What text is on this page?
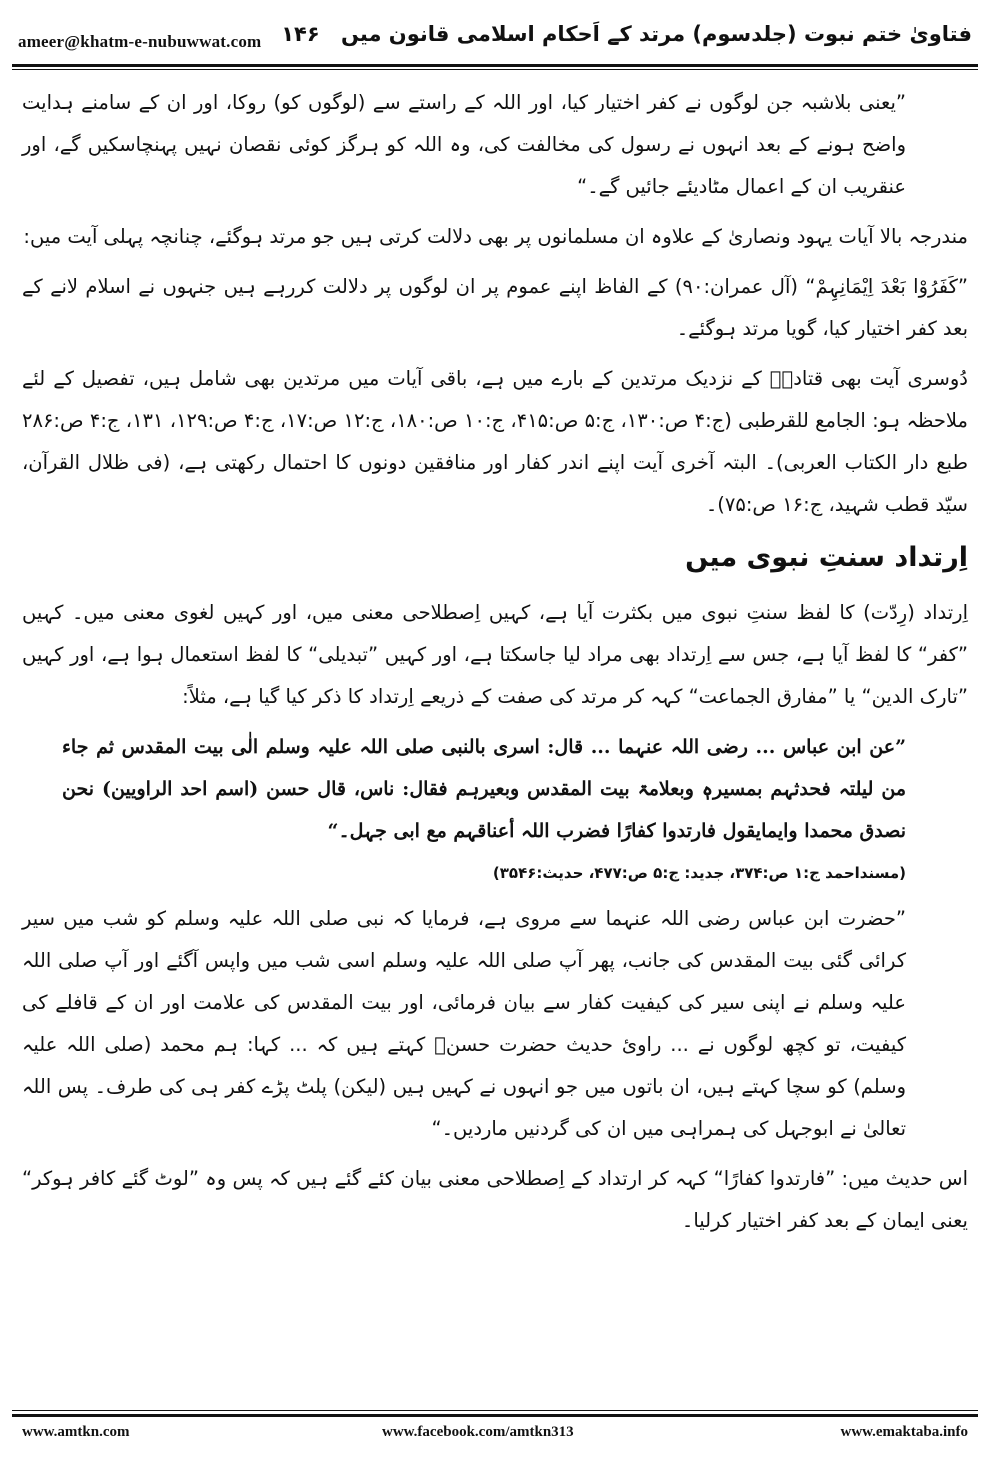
ameer@khatm-e-nubuwwat.com	فتاویٰ ختم نبوت (جلدسوم) مرتد کے اَحکام اسلامی قانون میں ۱۴۶

”یعنی بلاشبہ جن لوگوں نے کفر اختیار کیا، اور اللہ کے راستے سے (لوگوں کو) روکا، اور ان کے سامنے ہدایت واضح ہونے کے بعد انہوں نے رسول کی مخالفت کی، وہ اللہ کو ہرگز کوئی نقصان نہیں پہنچاسکیں گے، اور عنقریب ان کے اعمال مٹادیئے جائیں گے۔“

مندرجہ بالا آیات یہود ونصاریٰ کے علاوہ ان مسلمانوں پر بھی دلالت کرتی ہیں جو مرتد ہوگئے، چنانچہ پہلی آیت میں:

”کَفَرُوْا بَعْدَ اِیْمَانِہِمْ“ (آل عمران:۹۰) کے الفاظ اپنے عموم پر ان لوگوں پر دلالت کررہے ہیں جنہوں نے اسلام لانے کے بعد کفر اختیار کیا، گویا مرتد ہوگئے۔

دُوسری آیت بھی قتادہؒ کے نزدیک مرتدین کے بارے میں ہے، باقی آیات میں مرتدین بھی شامل ہیں، تفصیل کے لئے ملاحظہ ہو: الجامع للقرطبی (ج:۴ ص:۱۳۰، ج:۵ ص:۴۱۵، ج:۱۰ ص:۱۸۰، ج:۱۲ ص:۱۷، ج:۴ ص:۱۲۹، ۱۳۱، ج:۴ ص:۲۸۶ طبع دار الکتاب العربی)۔ البتہ آخری آیت اپنے اندر کفار اور منافقین دونوں کا احتمال رکھتی ہے، (فی ظلال القرآن، سیّد قطب شہید، ج:۱۶ ص:۷۵)۔

اِرتداد سنتِ نبوی میں

اِرتداد (رِدّت) کا لفظ سنتِ نبوی میں بکثرت آیا ہے، کہیں اِصطلاحی معنی میں، اور کہیں لغوی معنی میں۔ کہیں ”کفر“ کا لفظ آیا ہے، جس سے اِرتداد بھی مراد لیا جاسکتا ہے، اور کہیں ”تبدیلی“ کا لفظ استعمال ہوا ہے، اور کہیں ”تارک الدین“ یا ”مفارق الجماعت“ کہہ کر مرتد کی صفت کے ذریعے اِرتداد کا ذکر کیا گیا ہے، مثلاً:

”عن ابن عباس ... رضی اللہ عنہما ... قال: اسری بالنبی صلی اللہ علیہ وسلم الٰی بیت المقدس ثم جاء من لیلتہ فحدثہم بمسیرہٖ وبعلامۃ بیت المقدس وبعیرہم فقال: ناس، قال حسن (اسم احد الراویین) نحن نصدق محمدا وایمایقول فارتدوا کفارًا فضرب اللہ أعناقہم مع ابی جہل۔“
(مسنداحمد ج:۱ ص:۳۷۴، جدید: ج:۵ ص:۴۷۷، حدیث:۳۵۴۶)

”حضرت ابن عباس رضی اللہ عنہما سے مروی ہے، فرمایا کہ نبی صلی اللہ علیہ وسلم کو شب میں سیر کرائی گئی بیت المقدس کی جانب، پھر آپ صلی اللہ علیہ وسلم اسی شب میں واپس آگئے اور آپ صلی اللہ علیہ وسلم نے اپنی سیر کی کیفیت کفار سے بیان فرمائی، اور بیت المقدس کی علامت اور ان کے قافلے کی کیفیت، تو کچھ لوگوں نے ... راویٔ حدیث حضرت حسنؒ کہتے ہیں کہ ... کہا: ہم محمد (صلی اللہ علیہ وسلم) کو سچا کہتے ہیں، ان باتوں میں جو انہوں نے کہیں ہیں (لیکن) پلٹ پڑے کفر ہی کی طرف۔ پس اللہ تعالیٰ نے ابوجہل کی ہمراہی میں ان کی گردنیں ماردیں۔“

اس حدیث میں: ”فارتدوا کفارًا“ کہہ کر ارتداد کے اِصطلاحی معنی بیان کئے گئے ہیں کہ پس وہ ”لوٹ گئے کافر ہوکر“ یعنی ایمان کے بعد کفر اختیار کرلیا۔

www.amtkn.com	www.facebook.com/amtkn313	www.emaktaba.info
